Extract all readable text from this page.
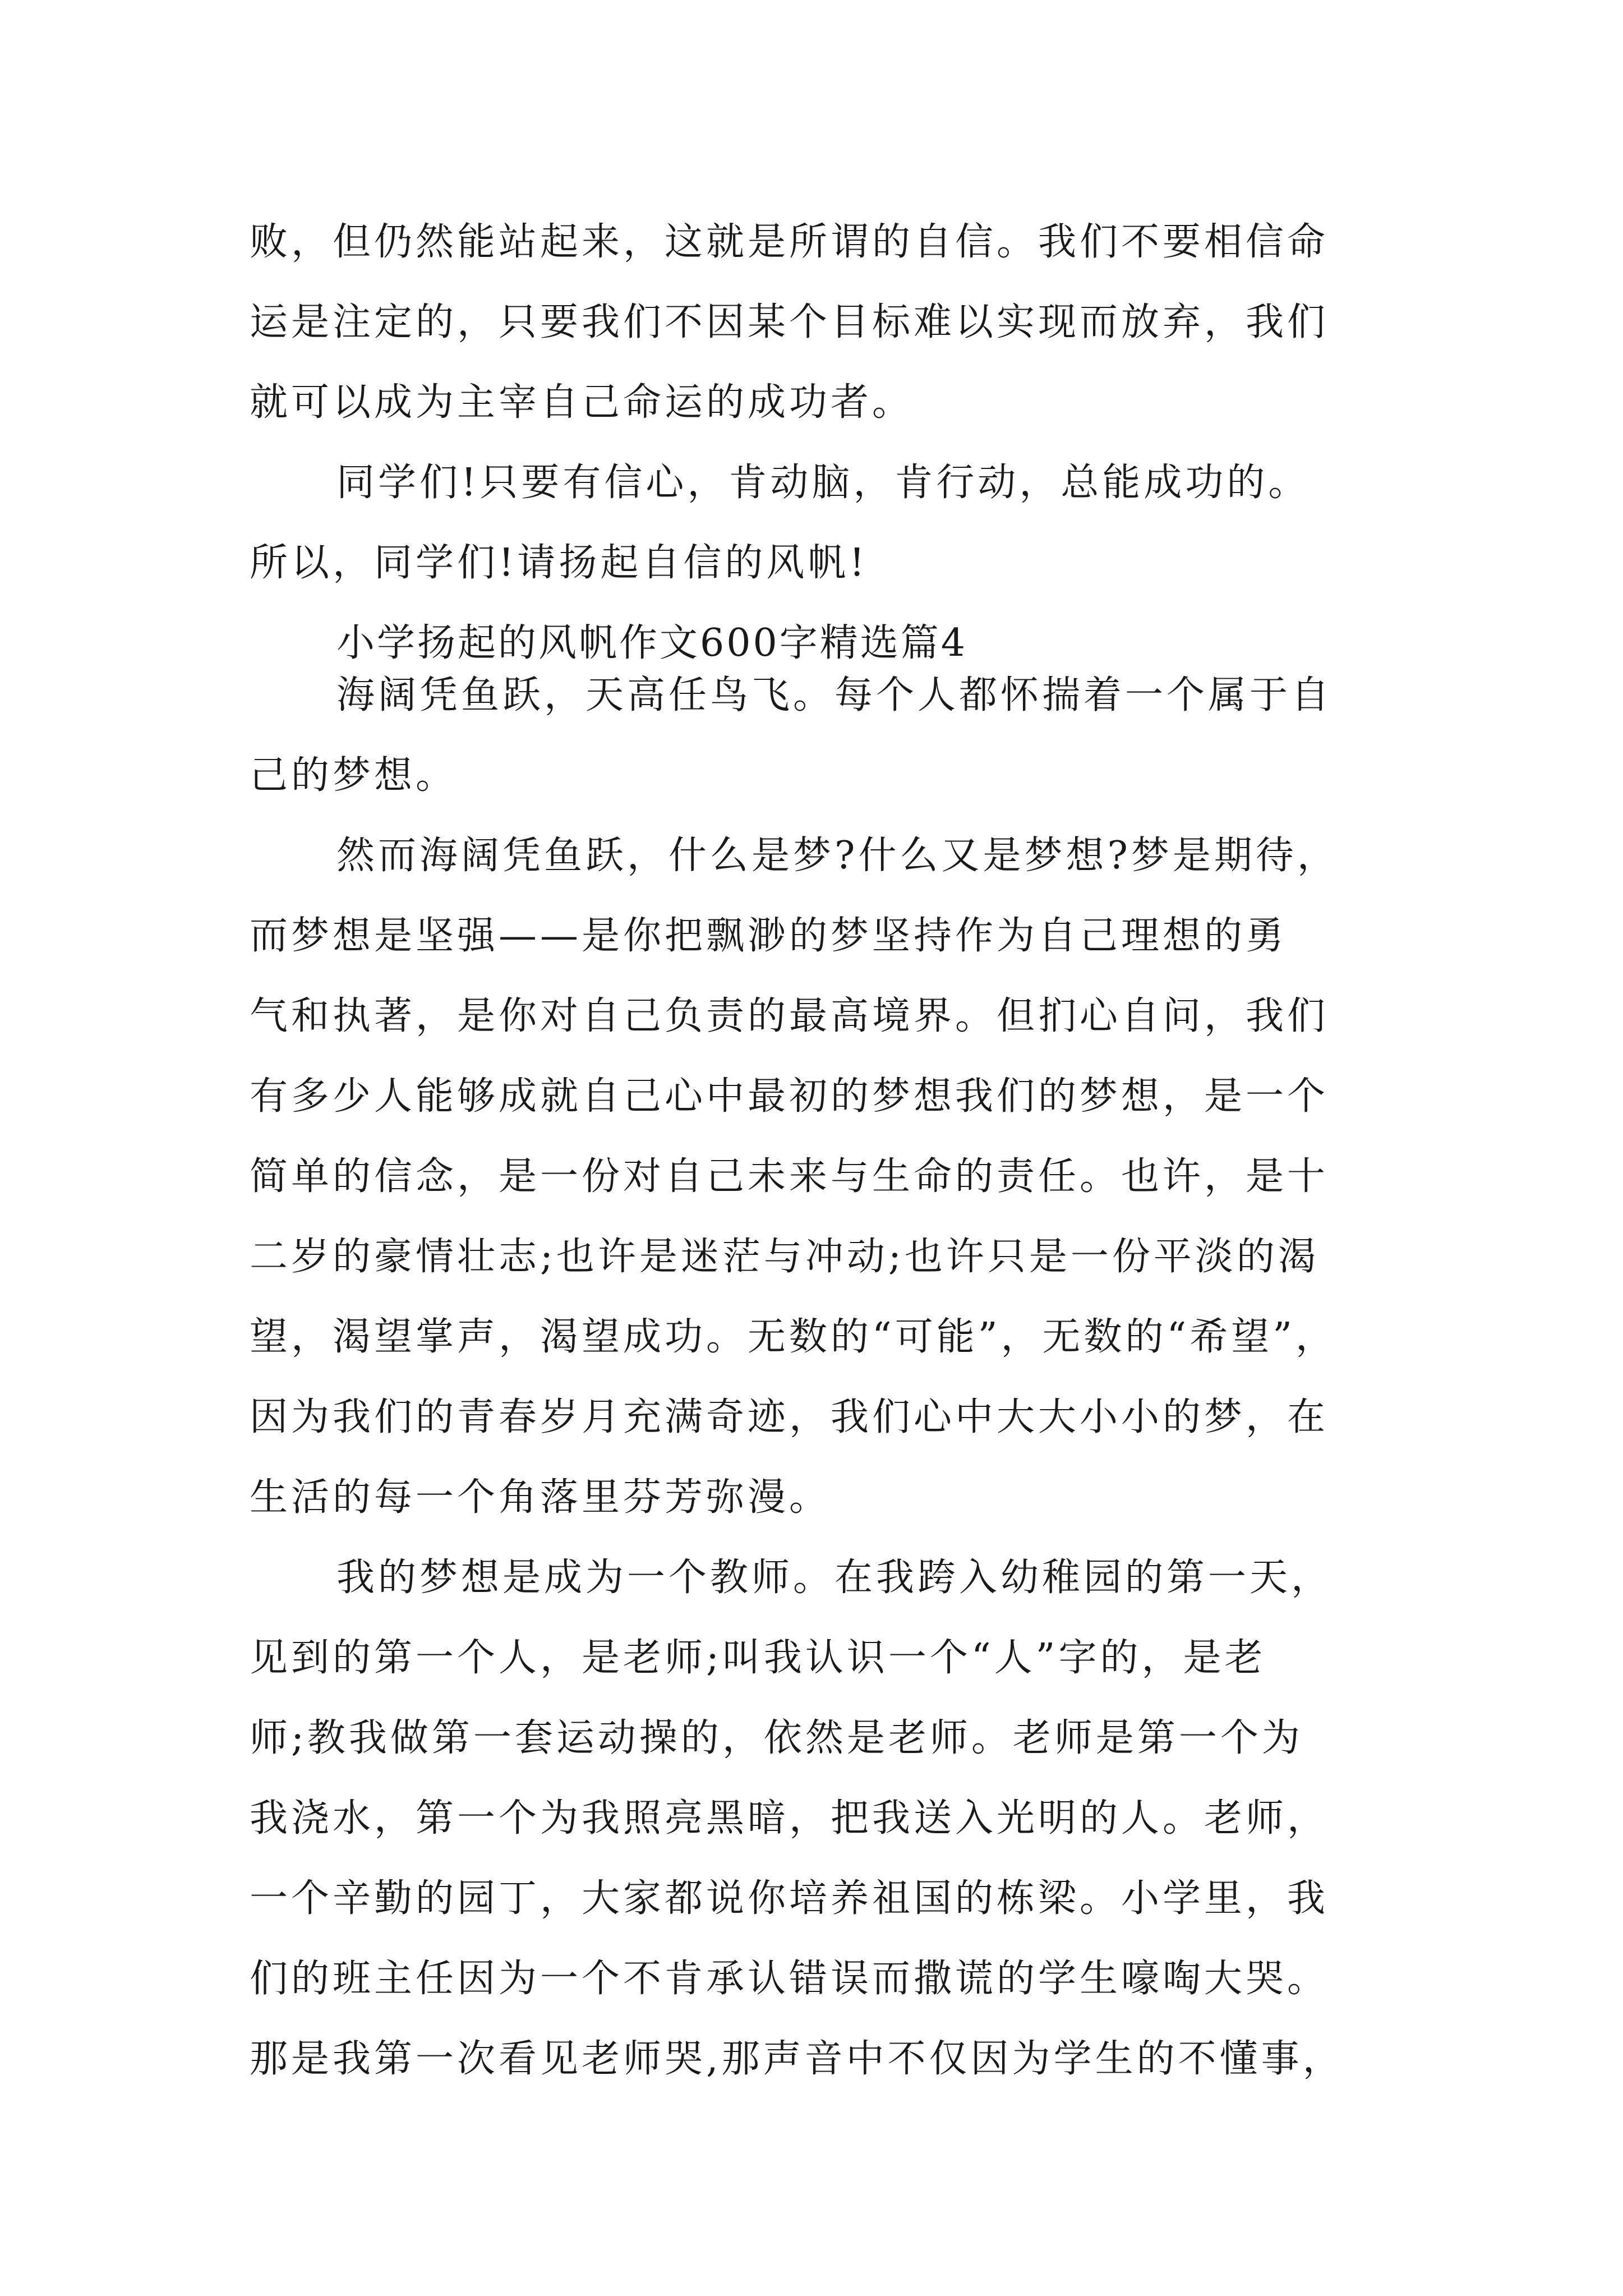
败，但仍然能站起来，这就是所谓的自信。我们不要相信命
运是注定的，只要我们不因某个目标难以实现而放弃，我们
就可以成为主宰自己命运的成功者。
同学们!只要有信心，肯动脑，肯行动，总能成功的。
所以，同学们!请扬起自信的风帆!
小学扬起的风帆作文600字精选篇4
海阔凭鱼跃，天高任鸟飞。每个人都怀揣着一个属于自
己的梦想。
然而海阔凭鱼跃，什么是梦?什么又是梦想?梦是期待，
而梦想是坚强——是你把飘渺的梦坚持作为自己理想的勇
气和执著，是你对自己负责的最高境界。但扪心自问，我们
有多少人能够成就自己心中最初的梦想我们的梦想，是一个
简单的信念，是一份对自己未来与生命的责任。也许，是十
二岁的豪情壮志;也许是迷茫与冲动;也许只是一份平淡的渴
望，渴望掌声，渴望成功。无数的“可能”，无数的“希望”，
因为我们的青春岁月充满奇迹，我们心中大大小小的梦，在
生活的每一个角落里芬芳弥漫。
我的梦想是成为一个教师。在我跨入幼稚园的第一天，
见到的第一个人，是老师;叫我认识一个“人”字的，是老
师;教我做第一套运动操的，依然是老师。老师是第一个为
我浇水，第一个为我照亮黑暗，把我送入光明的人。老师，
一个辛勤的园丁，大家都说你培养祖国的栋梁。小学里，我
们的班主任因为一个不肯承认错误而撒谎的学生嚎啕大哭。
那是我第一次看见老师哭,那声音中不仅因为学生的不懂事，
